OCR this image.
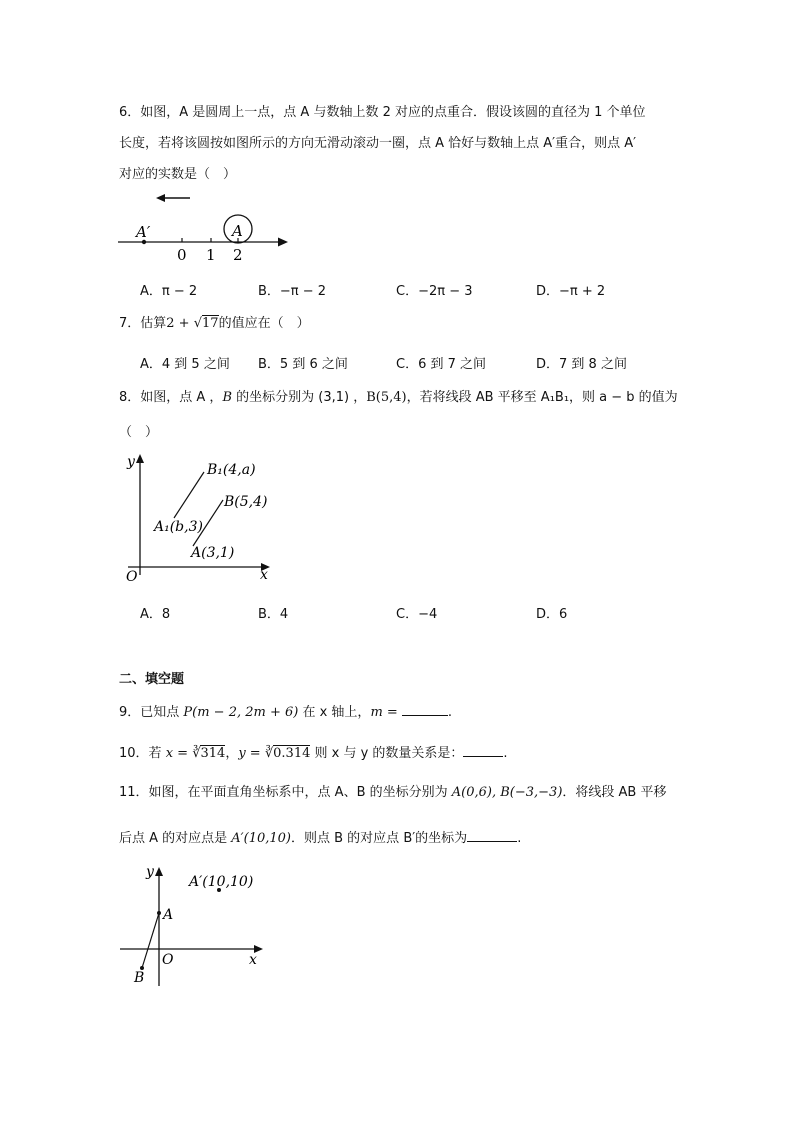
6．如图，A 是圆周上一点，点 A 与数轴上数 2 对应的点重合．假设该圆的直径为 1 个单位
长度，若将该圆按如图所示的方向无滑动滚动一圈，点 A 恰好与数轴上点 A′重合，则点 A′
对应的实数是（　）
A′	A
0 1 2
A．π − 2	B．−π − 2	C．−2π − 3	D．−π + 2
7．估算2 + √17的值应在（　）
A．4 到 5 之间 B．5 到 6 之间	C．6 到 7 之间	D．7 到 8 之间
8．如图，点 A ，B 的坐标分别为 (3,1) ，B(5,4)，若将线段 AB 平移至 A₁B₁，则 a − b 的值为
（　）
y
x
O
B₁(4,a)
B(5,4)
A₁(b,3)
A(3,1)
A．8	B．4	C．−4	D．6
二、填空题
9．已知点 P(m − 2, 2m + 6) 在 x 轴上，m =	.
10．若 x = ∛314，y = ∛0.314 则 x 与 y 的数量关系是：	.
11．如图，在平面直角坐标系中，点 A、B 的坐标分别为 A(0,6), B(−3,−3)．将线段 AB 平移
后点 A 的对应点是 A′(10,10)．则点 B 的对应点 B′的坐标为	.
y
x
O
A
B
A′(10,10)
